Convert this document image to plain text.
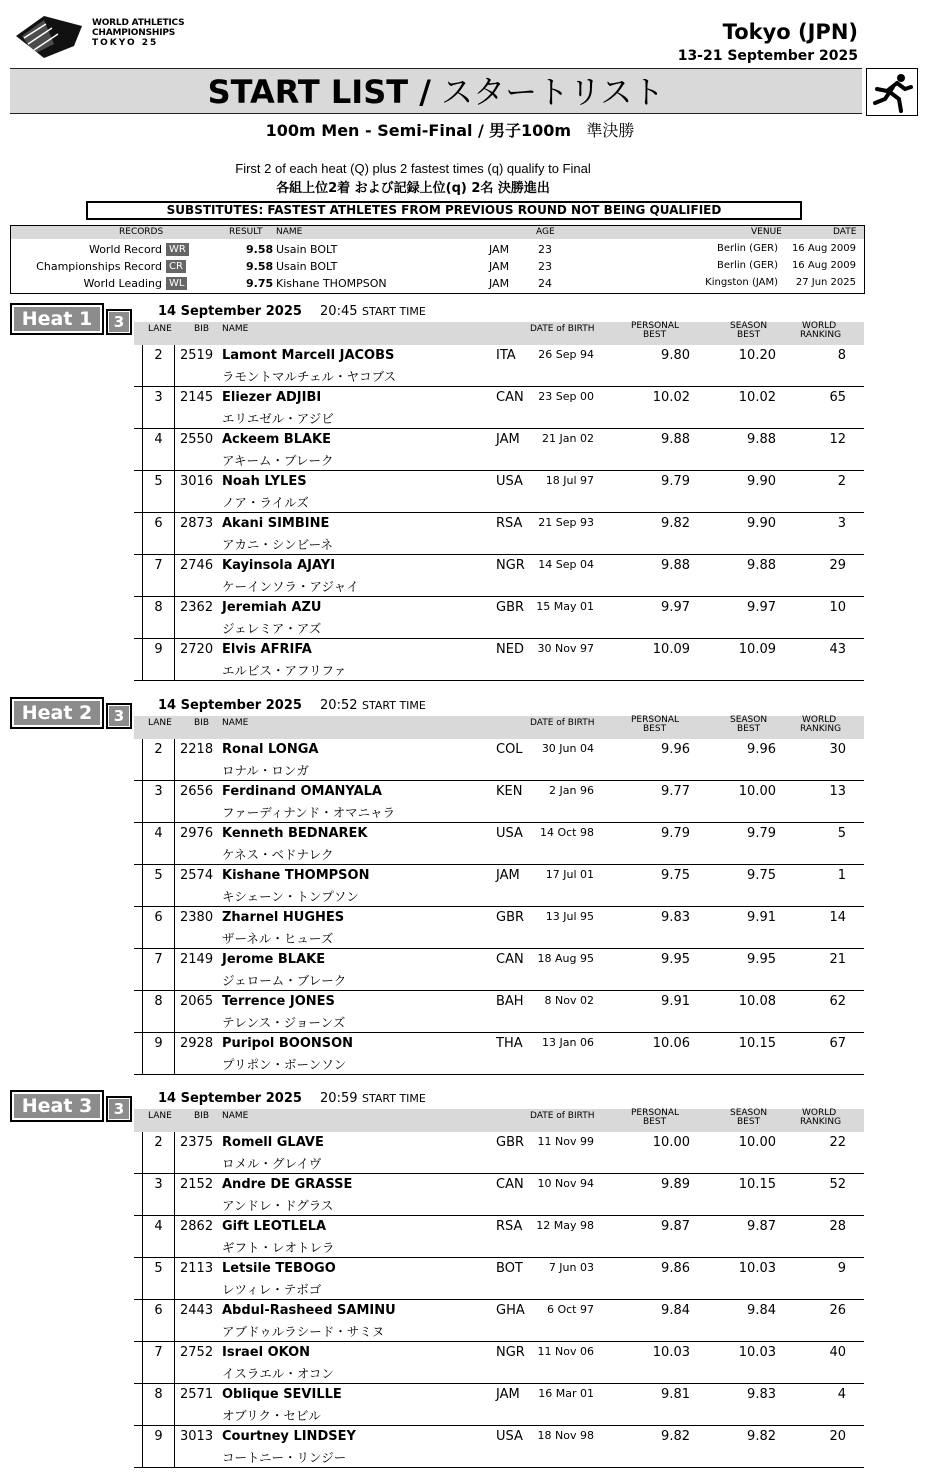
WORLD ATHLETICS
CHAMPIONSHIPS
TOKYO 25	Tokyo (JPN)
13-21 September 2025
START LIST / スタートリスト
100m Men - Semi-Final / 男子100m 準決勝
First 2 of each heat (Q) plus 2 fastest times (q) qualify to Final
各組上位2着 および記録上位(q) 2名 決勝進出
SUBSTITUTES: FASTEST ATHLETES FROM PREVIOUS ROUND NOT BEING QUALIFIED
RECORDS	RESULT NAME	AGE	VENUE	DATE
World Record WR	9.58 Usain BOLT	JAM	23	Berlin (GER) 16 Aug 2009
Championships Record CR	9.58 Usain BOLT	JAM	23	Berlin (GER) 16 Aug 2009
World Leading WL	9.75 Kishane THOMPSON	JAM	24	Kingston (JAM) 27 Jun 2025
Heat 1	3
14 September 2025 20:45 START TIME
LANE BIB NAME	DATE of BIRTH	PERSONAL
BEST
SEASON
BEST
WORLD
RANKING
2	2519 Lamont Marcell JACOBS
ラモントマルチェル・ヤコブス
ITA 26 Sep 94	9.80	10.20	8
3	2145 Eliezer ADJIBI
エリエゼル・アジビ
CAN 23 Sep 00	10.02	10.02	65
4	2550 Ackeem BLAKE
アキーム・ブレーク
JAM 21 Jan 02	9.88	9.88	12
5	3016 Noah LYLES
ノア・ライルズ
USA 18 Jul 97	9.79	9.90	2
6	2873 Akani SIMBINE
アカニ・シンビーネ
RSA 21 Sep 93	9.82	9.90	3
7	2746 Kayinsola AJAYI
ケーインソラ・アジャイ
NGR 14 Sep 04	9.88	9.88	29
8	2362 Jeremiah AZU
ジェレミア・アズ
GBR 15 May 01	9.97	9.97	10
9	2720 Elvis AFRIFA
エルビス・アフリファ
NED 30 Nov 97	10.09	10.09	43
Heat 2	3
14 September 2025 20:52 START TIME
LANE BIB NAME	DATE of BIRTH	PERSONAL
BEST
SEASON
BEST
WORLD
RANKING
2	2218 Ronal LONGA
ロナル・ロンガ
COL 30 Jun 04	9.96	9.96	30
3	2656 Ferdinand OMANYALA
ファーディナンド・オマニャラ
KEN 2 Jan 96	9.77	10.00	13
4	2976 Kenneth BEDNAREK
ケネス・ベドナレク
USA 14 Oct 98	9.79	9.79	5
5	2574 Kishane THOMPSON
キシェーン・トンプソン
JAM 17 Jul 01	9.75	9.75	1
6	2380 Zharnel HUGHES
ザーネル・ヒューズ
GBR 13 Jul 95	9.83	9.91	14
7	2149 Jerome BLAKE
ジェローム・ブレーク
CAN 18 Aug 95	9.95	9.95	21
8	2065 Terrence JONES
テレンス・ジョーンズ
BAH 8 Nov 02	9.91	10.08	62
9	2928 Puripol BOONSON
プリポン・ボーンソン
THA 13 Jan 06	10.06	10.15	67
Heat 3	3
14 September 2025 20:59 START TIME
LANE BIB NAME	DATE of BIRTH	PERSONAL
BEST
SEASON
BEST
WORLD
RANKING
2	2375 Romell GLAVE
ロメル・グレイヴ
GBR 11 Nov 99	10.00	10.00	22
3	2152 Andre DE GRASSE
アンドレ・ドグラス
CAN 10 Nov 94	9.89	10.15	52
4	2862 Gift LEOTLELA
ギフト・レオトレラ
RSA 12 May 98	9.87	9.87	28
5	2113 Letsile TEBOGO
レツィレ・テボゴ
BOT 7 Jun 03	9.86	10.03	9
6	2443 Abdul-Rasheed SAMINU
アブドゥルラシード・サミヌ
GHA 6 Oct 97	9.84	9.84	26
7	2752 Israel OKON
イスラエル・オコン
NGR 11 Nov 06	10.03	10.03	40
8	2571 Oblique SEVILLE
オブリク・セビル
JAM 16 Mar 01	9.81	9.83	4
9	3013 Courtney LINDSEY
コートニー・リンジー
USA 18 Nov 98	9.82	9.82	20
